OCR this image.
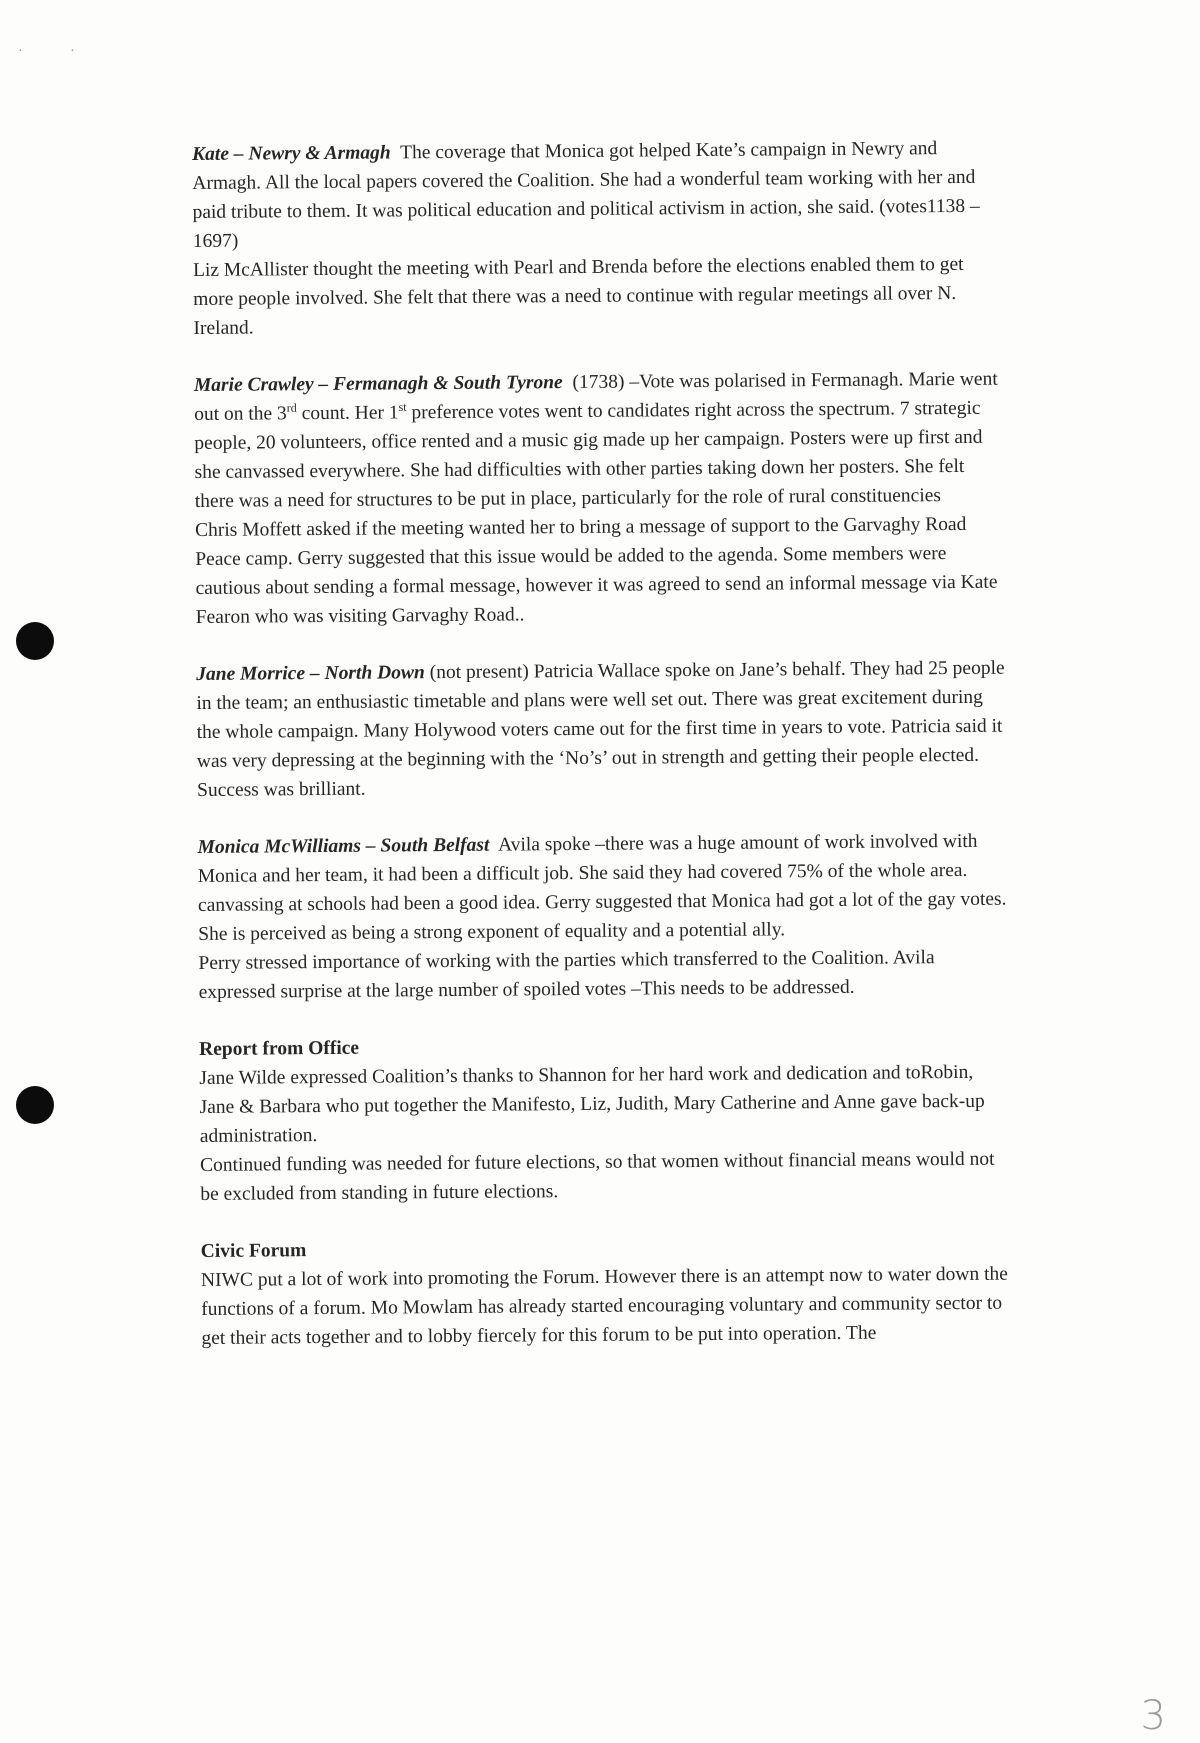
· ·

Kate – Newry & Armagh The coverage that Monica got helped Kate’s campaign in Newry and Armagh. All the local papers covered the Coalition. She had a wonderful team working with her and paid tribute to them. It was political education and political activism in action, she said. (votes1138 – 1697)

Liz McAllister thought the meeting with Pearl and Brenda before the elections enabled them to get more people involved. She felt that there was a need to continue with regular meetings all over N. Ireland.

Marie Crawley – Fermanagh & South Tyrone (1738) –Vote was polarised in Fermanagh. Marie went out on the 3rd count. Her 1st preference votes went to candidates right across the spectrum. 7 strategic people, 20 volunteers, office rented and a music gig made up her campaign. Posters were up first and she canvassed everywhere. She had difficulties with other parties taking down her posters. She felt there was a need for structures to be put in place, particularly for the role of rural constituencies

Chris Moffett asked if the meeting wanted her to bring a message of support to the Garvaghy Road Peace camp. Gerry suggested that this issue would be added to the agenda. Some members were cautious about sending a formal message, however it was agreed to send an informal message via Kate Fearon who was visiting Garvaghy Road..

Jane Morrice – North Down (not present) Patricia Wallace spoke on Jane’s behalf. They had 25 people in the team; an enthusiastic timetable and plans were well set out. There was great excitement during the whole campaign. Many Holywood voters came out for the first time in years to vote. Patricia said it was very depressing at the beginning with the ‘No’s’ out in strength and getting their people elected. Success was brilliant.

Monica McWilliams – South Belfast Avila spoke –there was a huge amount of work involved with Monica and her team, it had been a difficult job. She said they had covered 75% of the whole area. canvassing at schools had been a good idea. Gerry suggested that Monica had got a lot of the gay votes. She is perceived as being a strong exponent of equality and a potential ally.

Perry stressed importance of working with the parties which transferred to the Coalition. Avila expressed surprise at the large number of spoiled votes –This needs to be addressed.

Report from Office

Jane Wilde expressed Coalition’s thanks to Shannon for her hard work and dedication and toRobin, Jane & Barbara who put together the Manifesto, Liz, Judith, Mary Catherine and Anne gave back-up administration.

Continued funding was needed for future elections, so that women without financial means would not be excluded from standing in future elections.

Civic Forum

NIWC put a lot of work into promoting the Forum. However there is an attempt now to water down the functions of a forum. Mo Mowlam has already started encouraging voluntary and community sector to get their acts together and to lobby fiercely for this forum to be put into operation. The

3
